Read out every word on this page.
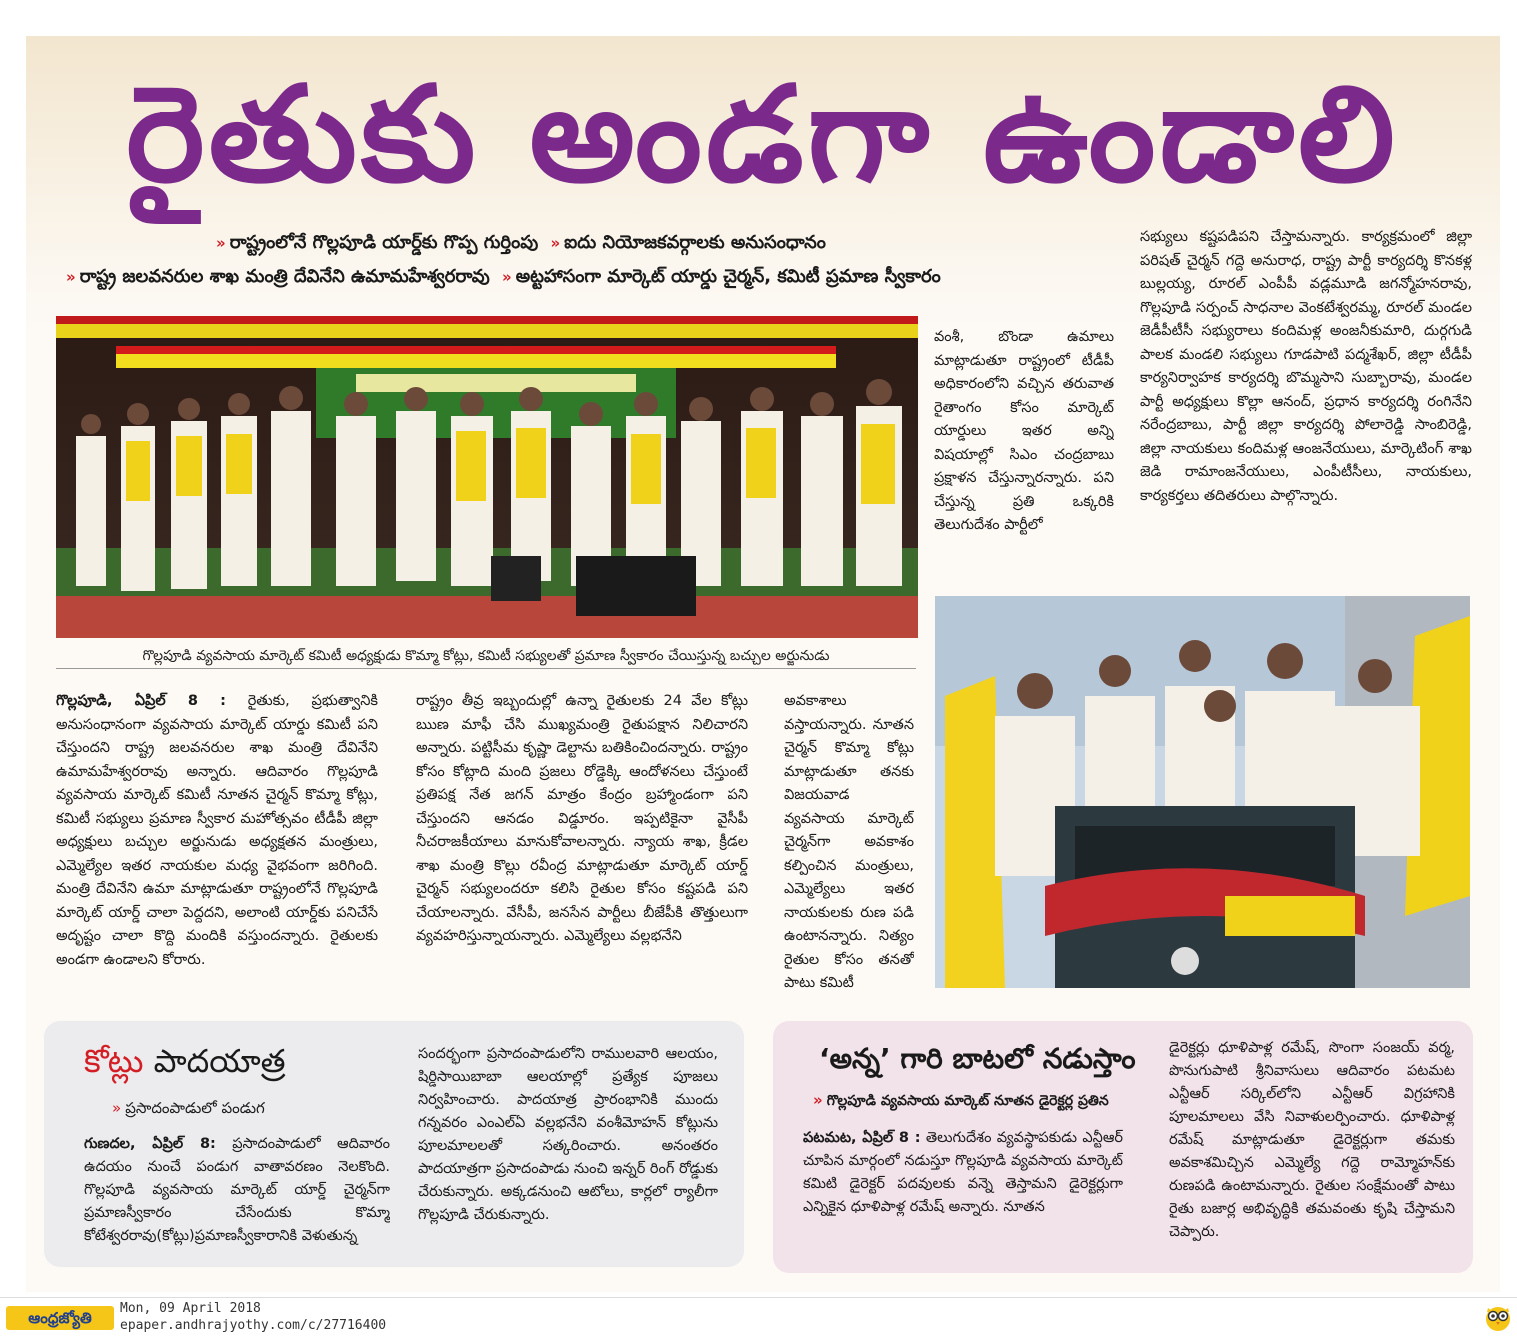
రైతుకు అండగా ఉండాలి
» రాష్ట్రంలోనే గొల్లపూడి యార్డ్‌కు గొప్ప గుర్తింపు » ఐదు నియోజకవర్గాలకు అనుసంధానం
» రాష్ట్ర జలవనరుల శాఖ మంత్రి దేవినేని ఉమామహేశ్వరరావు » అట్టహాసంగా మార్కెట్ యార్డు చైర్మన్, కమిటీ ప్రమాణ స్వీకారం
గొల్లపూడి వ్యవసాయ మార్కెట్ కమిటీ అధ్యక్షుడు కొమ్మా కోట్లు, కమిటీ సభ్యులతో ప్రమాణ స్వీకారం చేయిస్తున్న బచ్చుల అర్జునుడు

వంశీ, బొండా ఉమాలు మాట్లాడుతూ రాష్ట్రంలో టీడీపీ అధికారంలోని వచ్చిన తరువాత రైతాంగం కోసం మార్కెట్ యార్డులు ఇతర అన్ని విషయాల్లో సిఎం చంద్రబాబు ప్రక్షాళన చేస్తున్నారన్నారు. పని చేస్తున్న ప్రతి ఒక్కరికి తెలుగుదేశం పార్టీలో

సభ్యులు కష్టపడిపని చేస్తామన్నారు. కార్యక్రమంలో జిల్లా పరిషత్ చైర్మన్ గద్దె అనురాధ, రాష్ట్ర పార్టీ కార్యదర్శి కొనకళ్ల బుల్లయ్య, రూరల్ ఎంపీపీ వడ్లమూడి జగన్మోహనరావు, గొల్లపూడి సర్పంచ్ సాధనాల వెంకటేశ్వరమ్మ, రూరల్ మండల జెడీపీటీసీ సభ్యురాలు కందిమళ్ల అంజనీకుమారి, దుర్గగుడి పాలక మండలి సభ్యులు గూడపాటి పద్మశేఖర్, జిల్లా టీడీపీ కార్యనిర్వాహక కార్యదర్శి బొమ్మసాని సుబ్బారావు, మండల పార్టీ అధ్యక్షులు కొల్లా ఆనంద్, ప్రధాన కార్యదర్శి రంగినేని నరేంద్రబాబు, పార్టీ జిల్లా కార్యదర్శి పోలారెడ్డి సాంబిరెడ్డి, జిల్లా నాయకులు కందిమళ్ల ఆంజనేయులు, మార్కెటింగ్ శాఖ జెడి రామాంజనేయులు, ఎంపీటీసీలు, నాయకులు, కార్యకర్తలు తదితరులు పాల్గొన్నారు.

గొల్లపూడి, ఏప్రిల్ 8 : రైతుకు, ప్రభుత్వానికి అనుసంధానంగా వ్యవసాయ మార్కెట్ యార్డు కమిటీ పని చేస్తుందని రాష్ట్ర జలవనరుల శాఖ మంత్రి దేవినేని ఉమామహేశ్వరరావు అన్నారు. ఆదివారం గొల్లపూడి వ్యవసాయ మార్కెట్ కమిటీ నూతన చైర్మన్ కొమ్మా కోట్లు, కమిటీ సభ్యులు ప్రమాణ స్వీకార మహోత్సవం టీడీపీ జిల్లా అధ్యక్షులు బచ్చుల అర్జునుడు అధ్యక్షతన మంత్రులు, ఎమ్మెల్యేల ఇతర నాయకుల మధ్య వైభవంగా జరిగింది. మంత్రి దేవినేని ఉమా మాట్లాడుతూ రాష్ట్రంలోనే గొల్లపూడి మార్కెట్ యార్డ్ చాలా పెద్దదని, అలాంటి యార్డ్‌కు పనిచేసే అదృష్టం చాలా కొద్ది మందికి వస్తుందన్నారు. రైతులకు అండగా ఉండాలని కోరారు.

రాష్ట్రం తీవ్ర ఇబ్బందుల్లో ఉన్నా రైతులకు 24 వేల కోట్లు ఋణ మాఫీ చేసి ముఖ్యమంత్రి రైతుపక్షాన నిలిచారని అన్నారు. పట్టిసీమ కృష్ణా డెల్టాను బతికించిందన్నారు. రాష్ట్రం కోసం కోట్లాది మంది ప్రజలు రోడ్డెక్కి ఆందోళనలు చేస్తుంటే ప్రతిపక్ష నేత జగన్ మాత్రం కేంద్రం బ్రహ్మాండంగా పని చేస్తుందని ఆనడం విడ్డూరం. ఇప్పటికైనా వైసీపీ నీచరాజకీయాలు మానుకోవాలన్నారు. న్యాయ శాఖ, క్రీడల శాఖ మంత్రి కొల్లు రవీంద్ర మాట్లాడుతూ మార్కెట్ యార్డ్ చైర్మన్ సభ్యులందరూ కలిసి రైతుల కోసం కష్టపడి పని చేయాలన్నారు. వేసీపీ, జనసేన పార్టీలు బీజేపీకి తొత్తులుగా వ్యవహరిస్తున్నాయన్నారు. ఎమ్మెల్యేలు వల్లభనేని

అవకాశాలు వస్తాయన్నారు. నూతన చైర్మన్ కొమ్మా కోట్లు మాట్లాడుతూ తనకు విజయవాడ వ్యవసాయ మార్కెట్ చైర్మన్‌గా అవకాశం కల్పించిన మంత్రులు, ఎమ్మెల్యేలు ఇతర నాయకులకు రుణ పడి ఉంటానన్నారు. నిత్యం రైతుల కోసం తనతో పాటు కమిటీ

కోట్లు పాదయాత్ర
» ప్రసాదంపాడులో పండుగ

గుణదల, ఏప్రిల్ 8: ప్రసాదంపాడులో ఆదివారం ఉదయం నుంచే పండుగ వాతావరణం నెలకొంది. గొల్లపూడి వ్యవసాయ మార్కెట్ యార్డ్ చైర్మన్‌గా ప్రమాణస్వీకారం చేసేందుకు కొమ్మా కోటేశ్వరరావు(కోట్లు)ప్రమాణస్వీకారానికి వెళుతున్న

సందర్భంగా ప్రసాదంపాడులోని రాములవారి ఆలయం, షిర్డిసాయిబాబా ఆలయాల్లో ప్రత్యేక పూజలు నిర్వహించారు. పాదయాత్ర ప్రారంభానికి ముందు గన్నవరం ఎంఎల్ఏ వల్లభనేని వంశీమోహన్ కోట్లును పూలమాలలతో సత్కరించారు. అనంతరం పాదయాత్రగా ప్రసాదంపాడు నుంచి ఇన్నర్ రింగ్ రోడ్డుకు చేరుకున్నారు. అక్కడనుంచి ఆటోలు, కార్లలో ర్యాలీగా గొల్లపూడి చేరుకున్నారు.

‘అన్న’ గారి బాటలో నడుస్తాం
» గొల్లపూడి వ్యవసాయ మార్కెట్ నూతన డైరెక్టర్ల ప్రతిన

పటమట, ఏప్రిల్ 8 : తెలుగుదేశం వ్యవస్థాపకుడు ఎన్టీఆర్ చూపిన మార్గంలో నడుస్తూ గొల్లపూడి వ్యవసాయ మార్కెట్ కమిటి డైరెక్టర్ పదవులకు వన్నె తెస్తామని డైరెక్టర్లుగా ఎన్నికైన ధూళిపాళ్ల రమేష్ అన్నారు. నూతన

డైరెక్టర్లు ధూళిపాళ్ల రమేష్, సొంగా సంజయ్ వర్మ, పొనుగుపాటి శ్రీనివాసులు ఆదివారం పటమట ఎన్టీఆర్ సర్కిల్‌లోని ఎన్టీఆర్ విగ్రహానికి పూలమాలలు వేసి నివాళులర్పించారు. ధూళిపాళ్ల రమేష్ మాట్లాడుతూ డైరెక్టర్లుగా తమకు అవకాశమిచ్చిన ఎమ్మెల్యే గద్దె రామ్మోహన్‌కు రుణపడి ఉంటామన్నారు. రైతుల సంక్షేమంతో పాటు రైతు బజార్ల అభివృద్ధికి తమవంతు కృషి చేస్తామని చెప్పారు.

ఆంధ్రజ్యోతి
Mon, 09 April 2018
epaper.andhrajyothy.com/c/27716400
